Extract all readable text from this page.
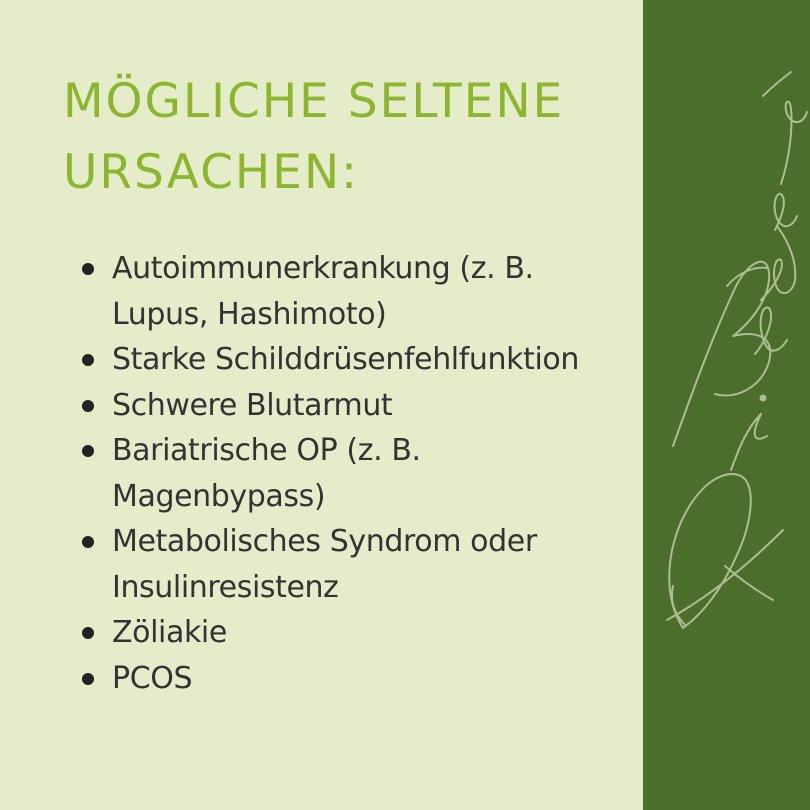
MÖGLICHE SELTENE
URSACHEN:
Autoimmunerkrankung (z. B. Lupus, Hashimoto)
Starke Schilddrüsenfehlfunktion
Schwere Blutarmut
Bariatrische OP (z. B. Magenbypass)
Metabolisches Syndrom oder Insulinresistenz
Zöliakie
PCOS
